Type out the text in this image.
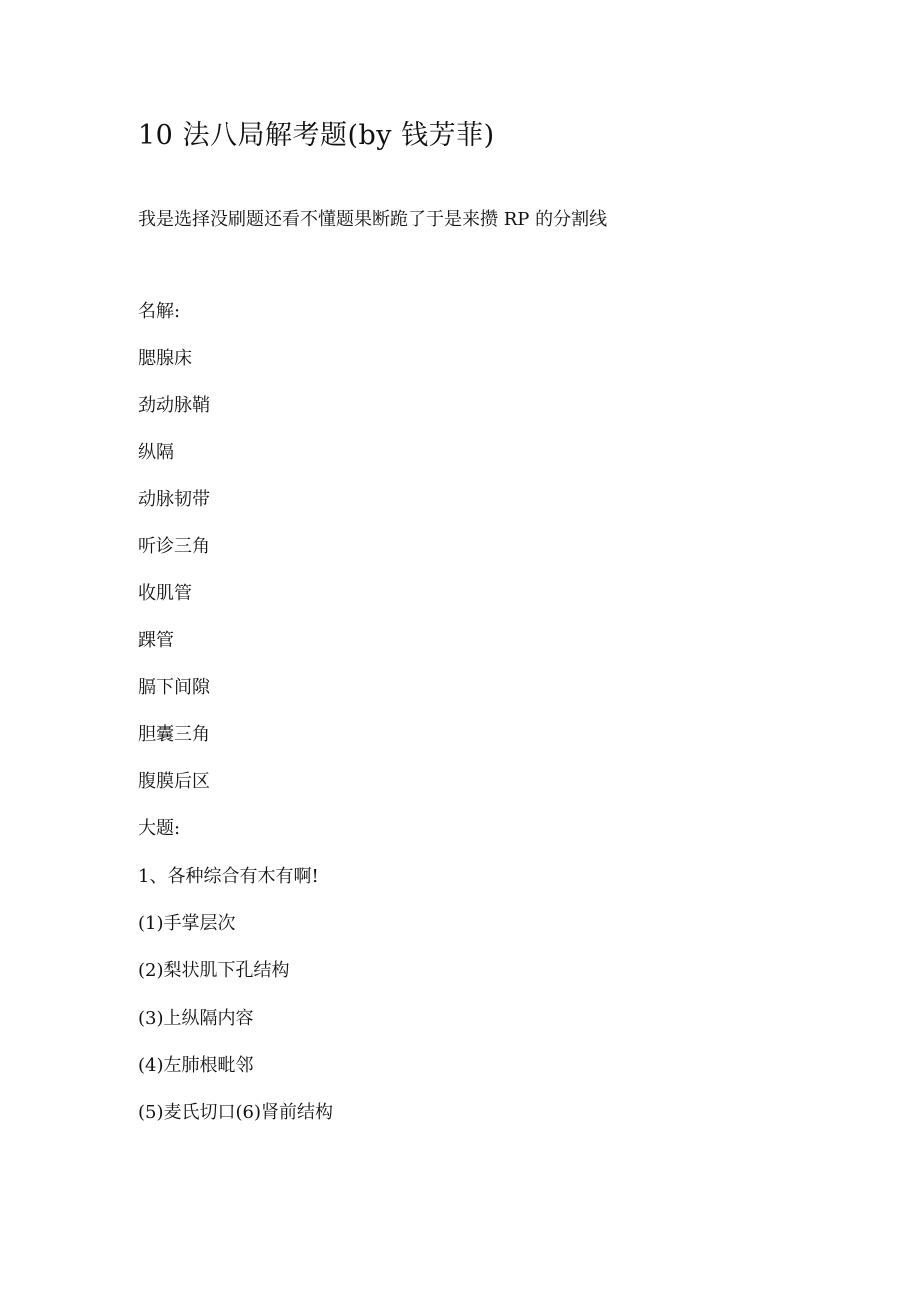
10 法八局解考题(by 钱芳菲)
我是选择没刷题还看不懂题果断跪了于是来攒 RP 的分割线
名解:
腮腺床
劲动脉鞘
纵隔
动脉韧带
听诊三角
收肌管
踝管
膈下间隙
胆囊三角
腹膜后区
大题:
1、各种综合有木有啊!
(1)手掌层次
(2)梨状肌下孔结构
(3)上纵隔内容
(4)左肺根毗邻
(5)麦氏切口(6)肾前结构
